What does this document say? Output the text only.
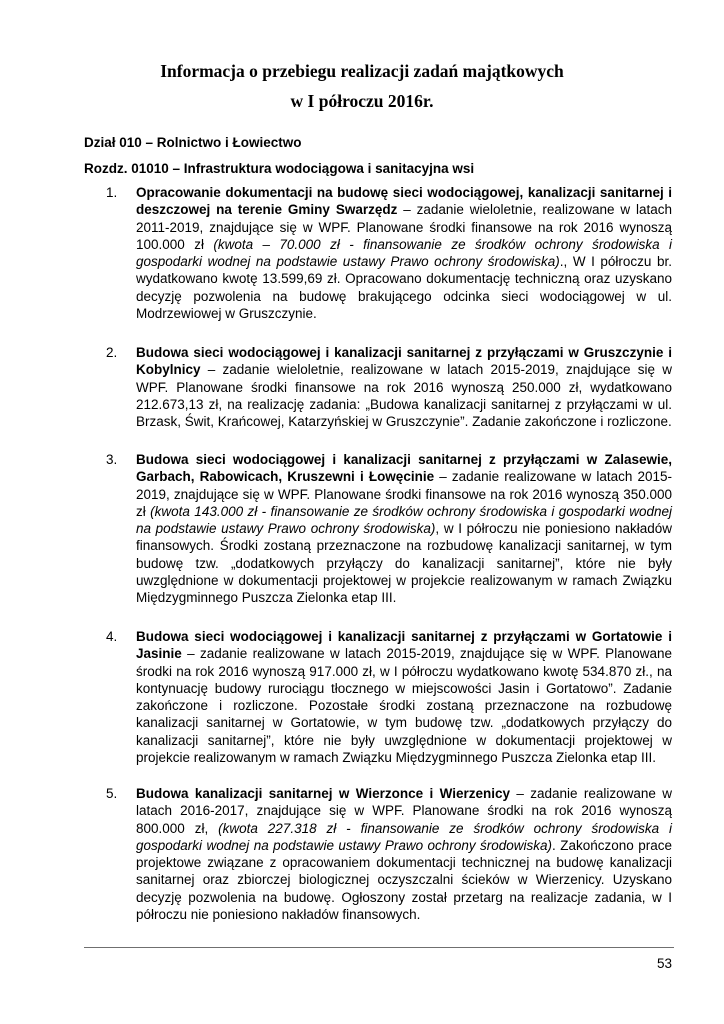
Informacja o przebiegu realizacji zadań majątkowych
w I półroczu 2016r.
Dział 010 – Rolnictwo i Łowiectwo
Rozdz. 01010 – Infrastruktura wodociągowa i sanitacyjna wsi
1. Opracowanie dokumentacji na budowę sieci wodociągowej, kanalizacji sanitarnej i deszczowej na terenie Gminy Swarzędz – zadanie wieloletnie, realizowane w latach 2011-2019, znajdujące się w WPF. Planowane środki finansowe na rok 2016 wynoszą 100.000 zł (kwota – 70.000 zł - finansowanie ze środków ochrony środowiska i gospodarki wodnej na podstawie ustawy Prawo ochrony środowiska)., W I półroczu br. wydatkowano kwotę 13.599,69 zł. Opracowano dokumentację techniczną oraz uzyskano decyzję pozwolenia na budowę brakującego odcinka sieci wodociągowej w ul. Modrzewiowej w Gruszczynie.
2. Budowa sieci wodociągowej i kanalizacji sanitarnej z przyłączami w Gruszczynie i Kobylnicy – zadanie wieloletnie, realizowane w latach 2015-2019, znajdujące się w WPF. Planowane środki finansowe na rok 2016 wynoszą 250.000 zł, wydatkowano 212.673,13 zł, na realizację zadania: „Budowa kanalizacji sanitarnej z przyłączami w ul. Brzask, Świt, Krańcowej, Katarzyńskiej w Gruszczynie”. Zadanie zakończone i rozliczone.
3. Budowa sieci wodociągowej i kanalizacji sanitarnej z przyłączami w Zalasewie, Garbach, Rabowicach, Kruszewni i Łowęcinie – zadanie realizowane w latach 2015-2019, znajdujące się w WPF. Planowane środki finansowe na rok 2016 wynoszą 350.000 zł (kwota 143.000 zł - finansowanie ze środków ochrony środowiska i gospodarki wodnej na podstawie ustawy Prawo ochrony środowiska), w I półroczu nie poniesiono nakładów finansowych. Środki zostaną przeznaczone na rozbudowę kanalizacji sanitarnej, w tym budowę tzw. „dodatkowych przyłączy do kanalizacji sanitarnej”, które nie były uwzględnione w dokumentacji projektowej w projekcie realizowanym w ramach Związku Międzygminnego Puszcza Zielonka etap III.
4. Budowa sieci wodociągowej i kanalizacji sanitarnej z przyłączami w Gortatowie i Jasinie – zadanie realizowane w latach 2015-2019, znajdujące się w WPF. Planowane środki na rok 2016 wynoszą 917.000 zł, w I półroczu wydatkowano kwotę 534.870 zł., na kontynuację budowy rurociągu tłocznego w miejscowości Jasin i Gortatowo”. Zadanie zakończone i rozliczone. Pozostałe środki zostaną przeznaczone na rozbudowę kanalizacji sanitarnej w Gortatowie, w tym budowę tzw. „dodatkowych przyłączy do kanalizacji sanitarnej”, które nie były uwzględnione w dokumentacji projektowej w projekcie realizowanym w ramach Związku Międzygminnego Puszcza Zielonka etap III.
5. Budowa kanalizacji sanitarnej w Wierzonce i Wierzenicy – zadanie realizowane w latach 2016-2017, znajdujące się w WPF. Planowane środki na rok 2016 wynoszą 800.000 zł, (kwota 227.318 zł - finansowanie ze środków ochrony środowiska i gospodarki wodnej na podstawie ustawy Prawo ochrony środowiska). Zakończono prace projektowe związane z opracowaniem dokumentacji technicznej na budowę kanalizacji sanitarnej oraz zbiorczej biologicznej oczyszczalni ścieków w Wierzenicy. Uzyskano decyzję pozwolenia na budowę. Ogłoszony został przetarg na realizacje zadania, w I półroczu nie poniesiono nakładów finansowych.
53
